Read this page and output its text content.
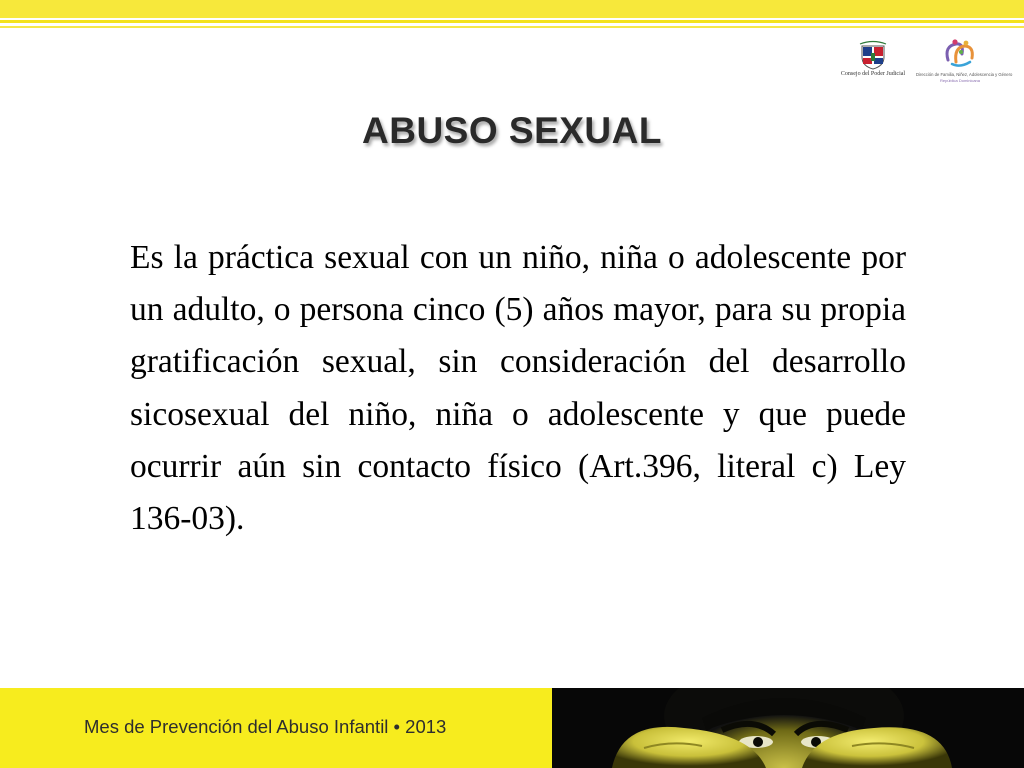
Consejo del Poder Judicial	Dirección de Familia, Niñez, Adolescencia y Género
República Dominicana
ABUSO SEXUAL
Es la práctica sexual con un niño, niña o adolescente por un adulto, o persona cinco (5) años mayor, para su propia gratificación sexual, sin consideración del desarrollo sicosexual del niño, niña o adolescente y que puede ocurrir aún sin contacto físico (Art.396, literal c) Ley 136-03).
Mes de Prevención del Abuso Infantil • 2013
